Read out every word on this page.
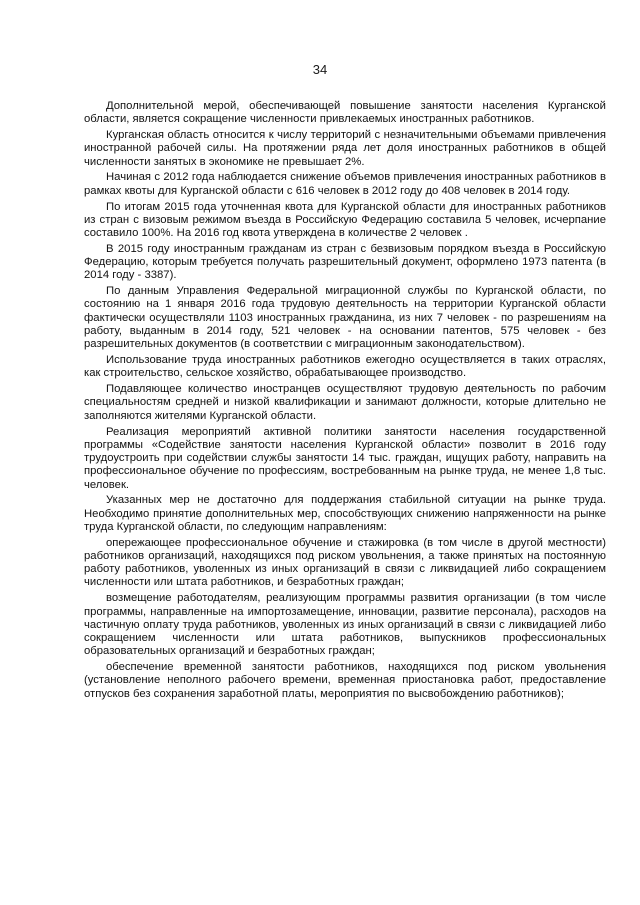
34

Дополнительной мерой, обеспечивающей повышение занятости населения Курганской области, является сокращение численности привлекаемых иностранных работников.

Курганская область относится к числу территорий с незначительными объемами привлечения иностранной рабочей силы. На протяжении ряда лет доля иностранных работников в общей численности занятых в экономике не превышает 2%.

Начиная с 2012 года наблюдается снижение объемов привлечения иностранных работников в рамках квоты для Курганской области с 616 человек в 2012 году до 408 человек в 2014 году.

По итогам 2015 года уточненная квота для Курганской области для иностранных работников из стран с визовым режимом въезда в Российскую Федерацию составила 5 человек, исчерпание составило 100%. На 2016 год квота утверждена в количестве 2 человек .

В 2015 году иностранным гражданам из стран с безвизовым порядком въезда в Российскую Федерацию, которым требуется получать разрешительный документ, оформлено 1973 патента (в 2014 году - 3387).

По данным Управления Федеральной миграционной службы по Курганской области, по состоянию на 1 января 2016 года трудовую деятельность на территории Курганской области фактически осуществляли 1103 иностранных гражданина, из них 7 человек - по разрешениям на работу, выданным в 2014 году, 521 человек - на основании патентов, 575 человек - без разрешительных документов (в соответствии с миграционным законодательством).

Использование труда иностранных работников ежегодно осуществляется в таких отраслях, как строительство, сельское хозяйство, обрабатывающее производство.

Подавляющее количество иностранцев осуществляют трудовую деятельность по рабочим специальностям средней и низкой квалификации и занимают должности, которые длительно не заполняются жителями Курганской области.

Реализация мероприятий активной политики занятости населения государственной программы «Содействие занятости населения Курганской области» позволит в 2016 году трудоустроить при содействии службы занятости 14 тыс. граждан, ищущих работу, направить на профессиональное обучение по профессиям, востребованным на рынке труда, не менее 1,8 тыс. человек.

Указанных мер не достаточно для поддержания стабильной ситуации на рынке труда. Необходимо принятие дополнительных мер, способствующих снижению напряженности на рынке труда Курганской области, по следующим направлениям:

опережающее профессиональное обучение и стажировка (в том числе в другой местности) работников организаций, находящихся под риском увольнения, а также принятых на постоянную работу работников, уволенных из иных организаций в связи с ликвидацией либо сокращением численности или штата работников, и безработных граждан;

возмещение работодателям, реализующим программы развития организации (в том числе программы, направленные на импортозамещение, инновации, развитие персонала), расходов на частичную оплату труда работников, уволенных из иных организаций в связи с ликвидацией либо сокращением численности или штата работников, выпускников профессиональных образовательных организаций и безработных граждан;

обеспечение временной занятости работников, находящихся под риском увольнения (установление неполного рабочего времени, временная приостановка работ, предоставление отпусков без сохранения заработной платы, мероприятия по высвобождению работников);
